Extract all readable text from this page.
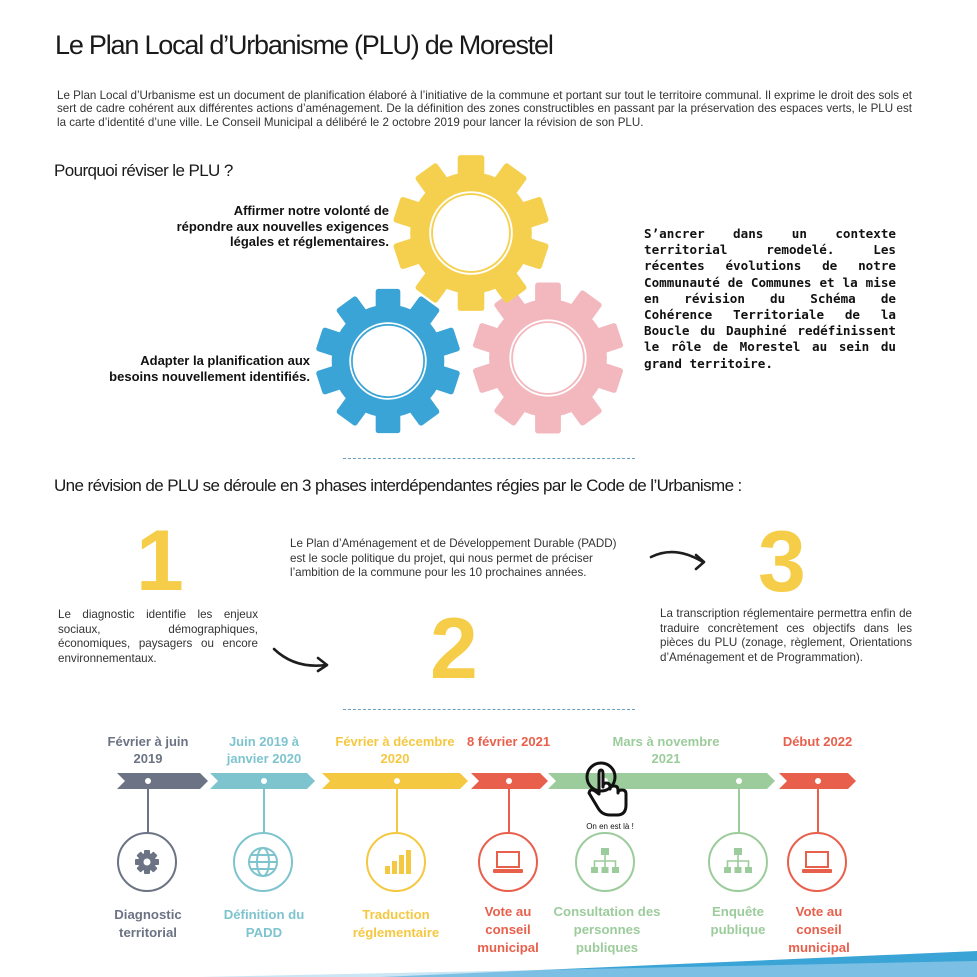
Le Plan Local d’Urbanisme (PLU) de Morestel
Le Plan Local d’Urbanisme est un document de planification élaboré à l’initiative de la commune et portant sur tout le territoire communal. Il exprime le droit des sols et sert de cadre cohérent aux différentes actions d’aménagement. De la définition des zones constructibles en passant par la préservation des espaces verts, le PLU est la carte d’identité d’une ville. Le Conseil Municipal a délibéré le 2 octobre 2019 pour lancer la révision de son PLU.
Pourquoi réviser le PLU ?
Affirmer notre volonté de répondre aux nouvelles exigences légales et réglementaires.
Adapter la planification aux besoins nouvellement identifiés.
S’ancrer dans un contexte territorial remodelé. Les récentes évolutions de notre Communauté de Communes et la mise en révision du Schéma de Cohérence Territoriale de la Boucle du Dauphiné redéfinissent le rôle de Morestel au sein du grand territoire.
Une révision de PLU se déroule en 3 phases interdépendantes régies par le Code de l’Urbanisme :
1
Le diagnostic identifie les enjeux sociaux, démographiques, économiques, paysagers ou encore environnementaux.
Le Plan d’Aménagement et de Développement Durable (PADD) est le socle politique du projet, qui nous permet de préciser l’ambition de la commune pour les 10 prochaines années.
2
3
La transcription réglementaire permettra enfin de traduire concrètement ces objectifs dans les pièces du PLU (zonage, règlement, Orientations d’Aménagement et de Programmation).
Février à juin 2019
Juin 2019 à janvier 2020
Février à décembre 2020
8 février 2021	Mars à novembre 2021
Début 2022
On en est là !
Diagnostic territorial
Définition du PADD
Traduction réglementaire
Vote au conseil municipal
Consultation des personnes publiques
Enquête publique
Vote au conseil municipal
